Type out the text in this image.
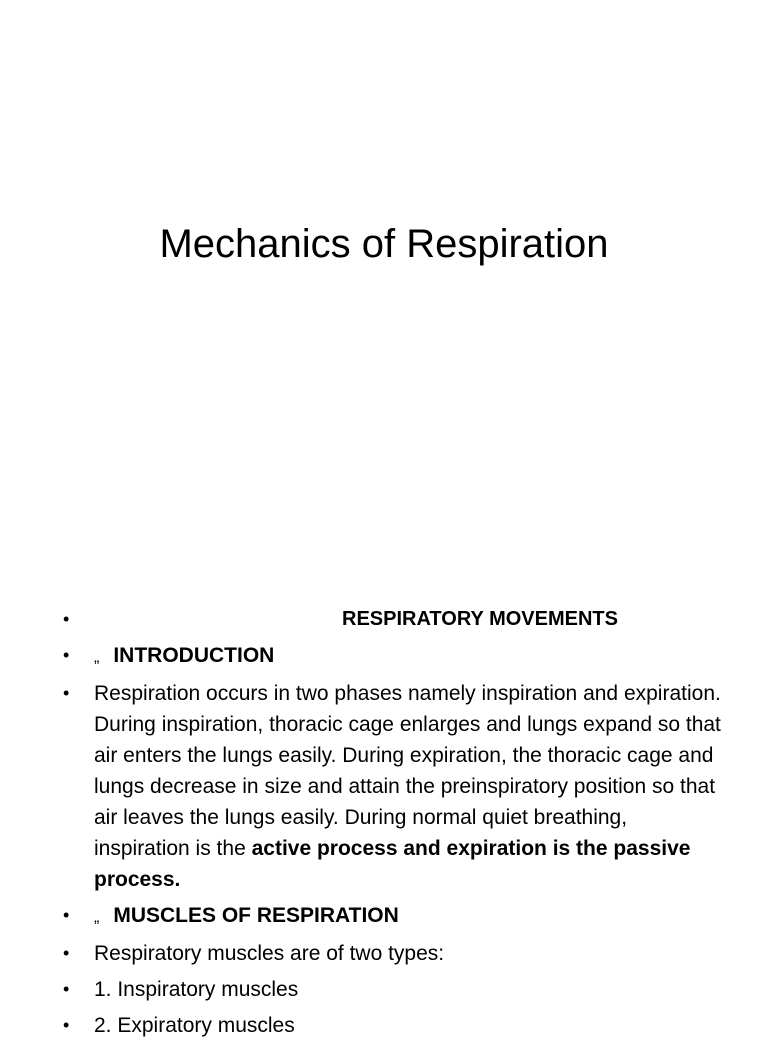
Mechanics of Respiration
•	RESPIRATORY MOVEMENTS
• „ INTRODUCTION
• Respiration occurs in two phases namely inspiration and expiration. During inspiration, thoracic cage enlarges and lungs expand so that air enters the lungs easily. During expiration, the thoracic cage and lungs decrease in size and attain the preinspiratory position so that air leaves the lungs easily. During normal quiet breathing, inspiration is the active process and expiration is the passive process.
• „ MUSCLES OF RESPIRATION
• Respiratory muscles are of two types:
• 1. Inspiratory muscles
• 2. Expiratory muscles
